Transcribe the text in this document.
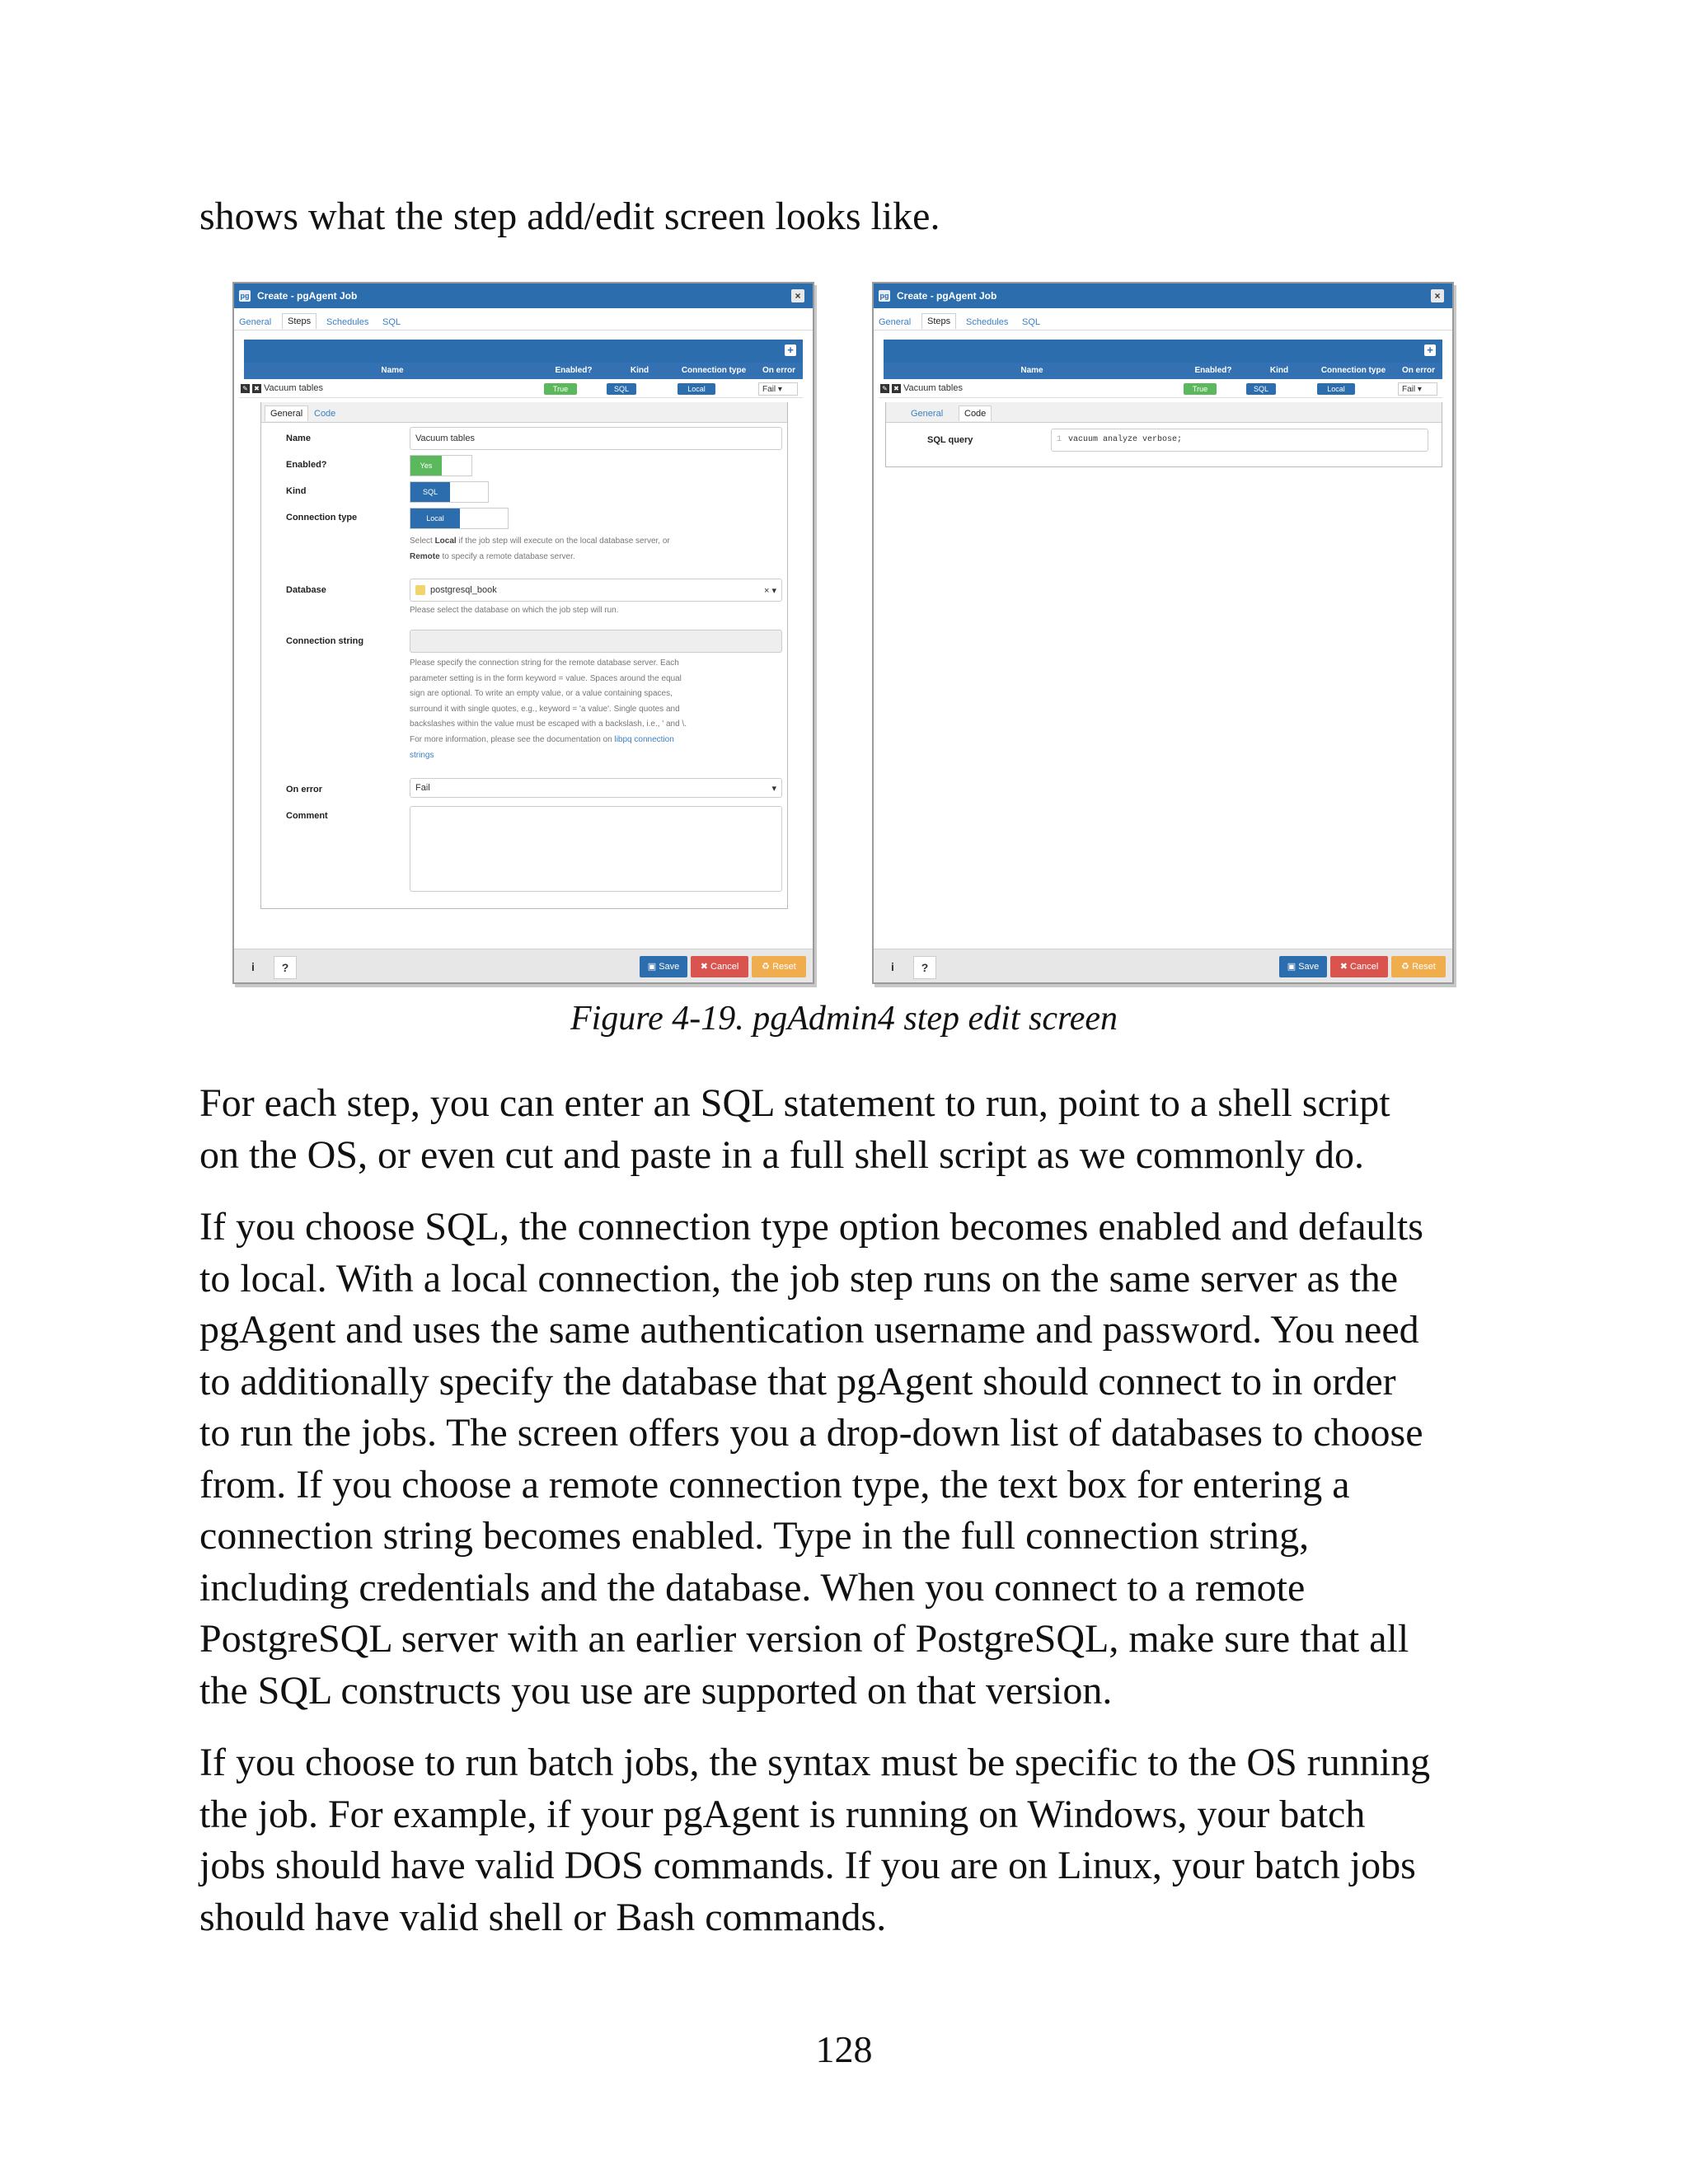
shows what the step add/edit screen looks like.

pg Create - pgAgent Job	×
General	Steps	Schedules SQL
+
Name	Enabled?	Kind	Connection type	On error
✎ ✖ Vacuum tables	True	SQL	Local	Fail ▾
General	Code
Name	Vacuum tables
Enabled?	Yes
Kind	SQL
Connection type	Local
Select Local if the job step will execute on the local database server, or
Remote to specify a remote database server.
Database	postgresql_book	× ▾
Please select the database on which the job step will run.
Connection string
Please specify the connection string for the remote database server. Each
parameter setting is in the form keyword = value. Spaces around the equal
sign are optional. To write an empty value, or a value containing spaces,
surround it with single quotes, e.g., keyword = 'a value'. Single quotes and
backslashes within the value must be escaped with a backslash, i.e., ' and \.
For more information, please see the documentation on libpq connection
strings
On error	Fail	▾
Comment
i	?	▣ Save	✖ Cancel	♻ Reset
pg Create - pgAgent Job	×
General	Steps	Schedules SQL
+
Name	Enabled?	Kind	Connection type	On error
✎ ✖ Vacuum tables	True	SQL	Local	Fail ▾
General	Code
SQL query	1 vacuum analyze verbose;
i	?	▣ Save	✖ Cancel	♻ Reset

Figure 4-19. pgAdmin4 step edit screen

For each step, you can enter an SQL statement to run, point to a shell script
on the OS, or even cut and paste in a full shell script as we commonly do.
If you choose SQL, the connection type option becomes enabled and defaults
to local. With a local connection, the job step runs on the same server as the
pgAgent and uses the same authentication username and password. You need
to additionally specify the database that pgAgent should connect to in order
to run the jobs. The screen offers you a drop-down list of databases to choose
from. If you choose a remote connection type, the text box for entering a
connection string becomes enabled. Type in the full connection string,
including credentials and the database. When you connect to a remote
PostgreSQL server with an earlier version of PostgreSQL, make sure that all
the SQL constructs you use are supported on that version.
If you choose to run batch jobs, the syntax must be specific to the OS running
the job. For example, if your pgAgent is running on Windows, your batch
jobs should have valid DOS commands. If you are on Linux, your batch jobs
should have valid shell or Bash commands.
128
